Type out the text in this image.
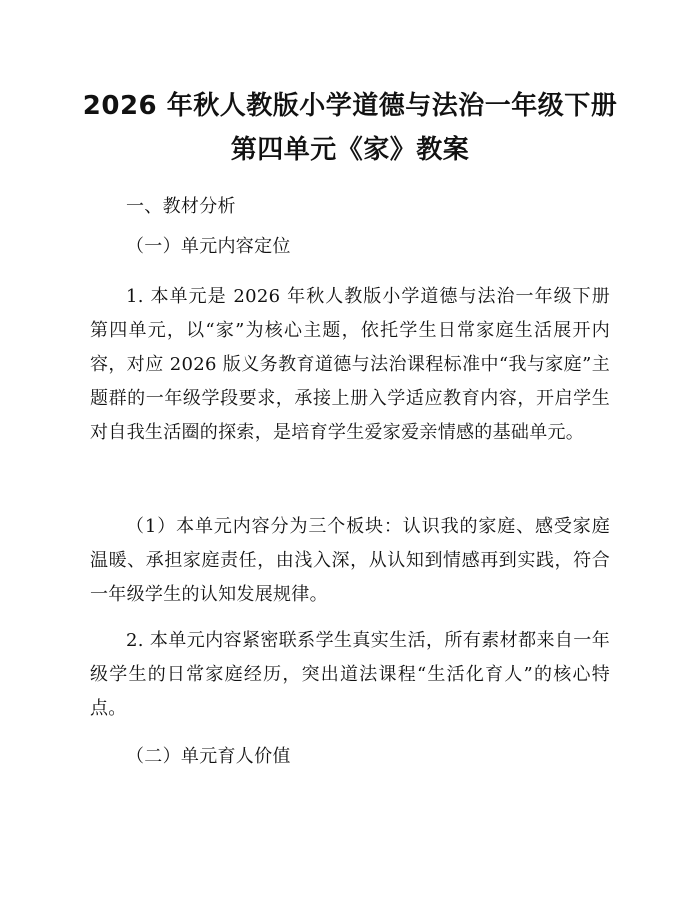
2026 年秋人教版小学道德与法治一年级下册
第四单元《家》教案

一、教材分析

（一）单元内容定位

1. 本单元是 2026 年秋人教版小学道德与法治一年级下册第四单元，以“家”为核心主题，依托学生日常家庭生活展开内容，对应 2026 版义务教育道德与法治课程标准中“我与家庭”主题群的一年级学段要求，承接上册入学适应教育内容，开启学生对自我生活圈的探索，是培育学生爱家爱亲情感的基础单元。

（1）本单元内容分为三个板块：认识我的家庭、感受家庭温暖、承担家庭责任，由浅入深，从认知到情感再到实践，符合一年级学生的认知发展规律。

2. 本单元内容紧密联系学生真实生活，所有素材都来自一年级学生的日常家庭经历，突出道法课程“生活化育人”的核心特点。

（二）单元育人价值
